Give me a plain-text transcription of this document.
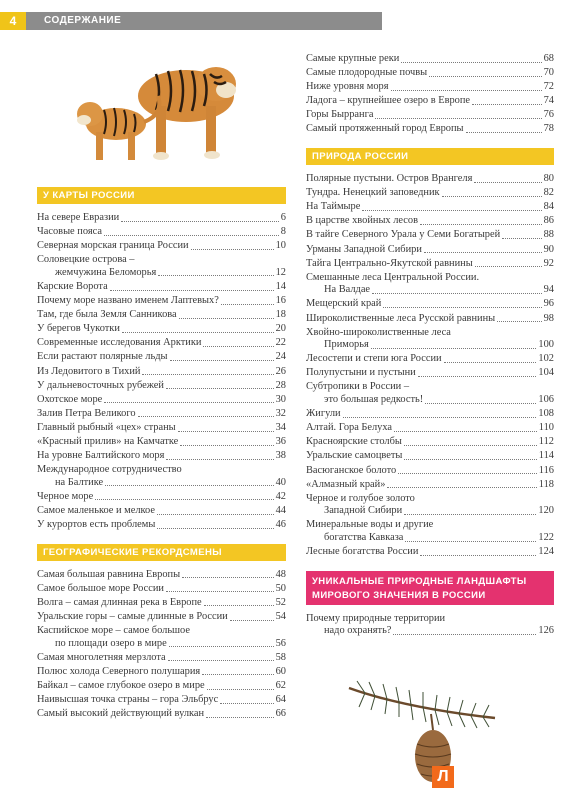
4	СОДЕРЖАНИЕ
У КАРТЫ РОССИИ
На севере Евразии	6
Часовые пояса	8
Северная морская граница России	10
Соловецкие острова –
жемчужина Беломорья	12
Карские Ворота	14
Почему море названо именем Лаптевых?	16
Там, где была Земля Санникова	18
У берегов Чукотки	20
Современные исследования Арктики	22
Если растают полярные льды	24
Из Ледовитого в Тихий	26
У дальневосточных рубежей	28
Охотское море	30
Залив Петра Великого	32
Главный рыбный «цех» страны	34
«Красный прилив» на Камчатке	36
На уровне Балтийского моря	38
Международное сотрудничество
на Балтике	40
Черное море	42
Самое маленькое и мелкое	44
У курортов есть проблемы	46
ГЕОГРАФИЧЕСКИЕ РЕКОРДСМЕНЫ
Самая большая равнина Европы	48
Самое большое море России	50
Волга – самая длинная река в Европе	52
Уральские горы – самые длинные в России	54
Каспийское море – самое большое
по площади озеро в мире	56
Самая многолетняя мерзлота	58
Полюс холода Северного полушария	60
Байкал – самое глубокое озеро в мире	62
Наивысшая точка страны – гора Эльбрус	64
Самый высокий действующий вулкан	66
Самые крупные реки	68
Самые плодородные почвы	70
Ниже уровня моря	72
Ладога – крупнейшее озеро в Европе	74
Горы Бырранга	76
Самый протяженный город Европы	78
ПРИРОДА РОССИИ
Полярные пустыни. Остров Врангеля	80
Тундра. Ненецкий заповедник	82
На Таймыре	84
В царстве хвойных лесов	86
В тайге Северного Урала у Семи Богатырей	88
Урманы Западной Сибири	90
Тайга Центрально-Якутской равнины	92
Смешанные леса Центральной России.
На Валдае	94
Мещерский край	96
Широколиственные леса Русской равнины	98
Хвойно-широколиственные леса
Приморья	100
Лесостепи и степи юга России	102
Полупустыни и пустыни	104
Субтропики в России –
это большая редкость!	106
Жигули	108
Алтай. Гора Белуха	110
Красноярские столбы	112
Уральские самоцветы	114
Васюганское болото	116
«Алмазный край»	118
Черное и голубое золото
Западной Сибири	120
Минеральные воды и другие
богатства Кавказа	122
Лесные богатства России	124
УНИКАЛЬНЫЕ ПРИРОДНЫЕ ЛАНДШАФТЫ
МИРОВОГО ЗНАЧЕНИЯ В РОССИИ
Почему природные территории
надо охранять?	126
Л
